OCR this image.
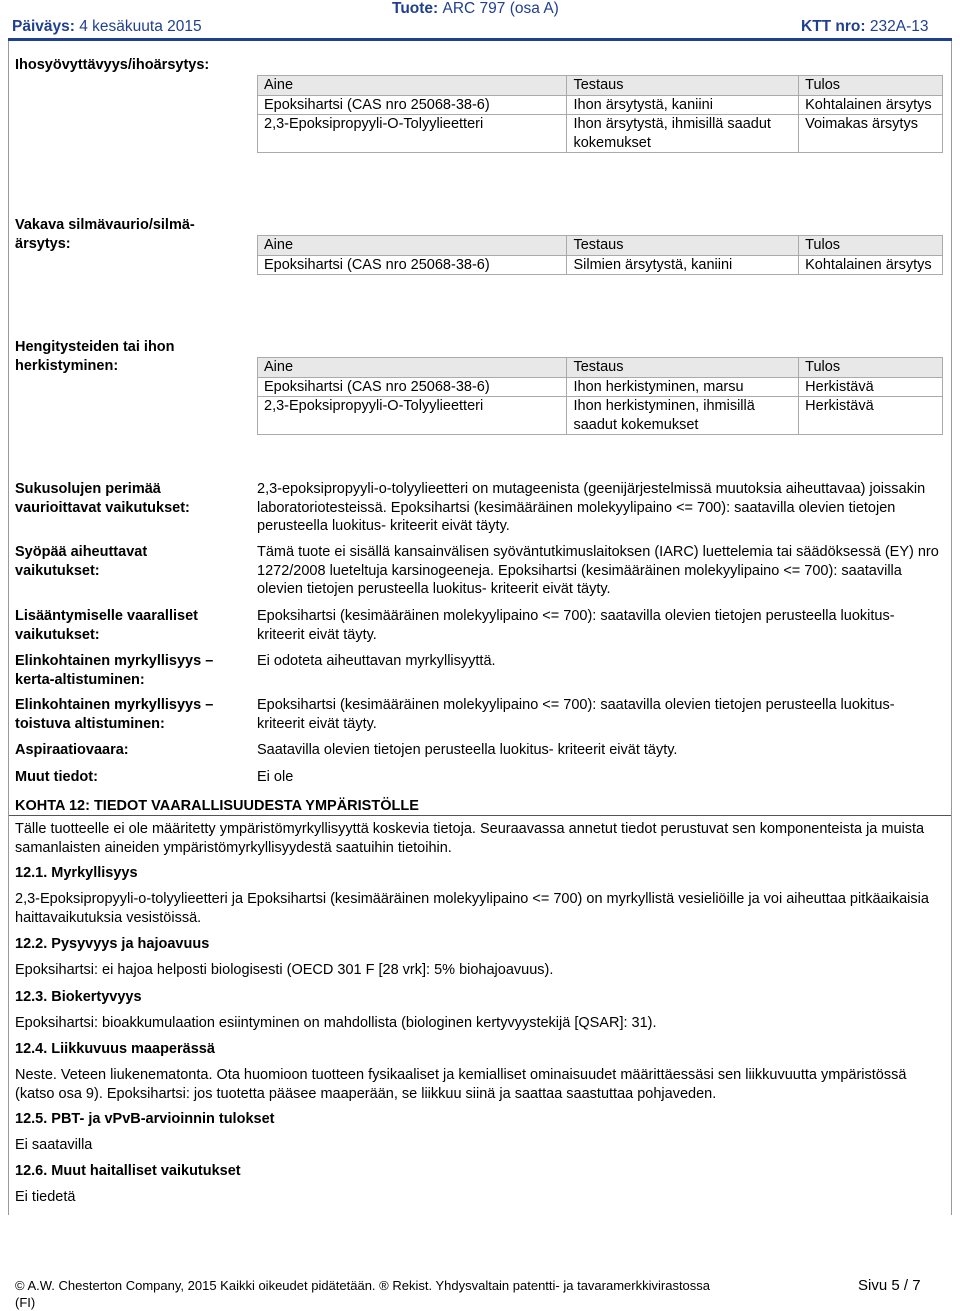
Päiväys: 4 kesäkuuta 2015
Tuote: ARC 797 (osa A)
KTT nro: 232A-13
Ihosyövyttävyys/ihoärsytys:
Aine	Testaus	Tulos
Epoksihartsi (CAS nro 25068-38-6)	Ihon ärsytystä, kaniini	Kohtalainen ärsytys
2,3-Epoksipropyyli-O-Tolyylieetteri	Ihon ärsytystä, ihmisillä saadut kokemukset	Voimakas ärsytys
Vakava silmävaurio/silmä-
ärsytys:	Aine	Testaus	Tulos
Epoksihartsi (CAS nro 25068-38-6)	Silmien ärsytystä, kaniini	Kohtalainen ärsytys
Hengitysteiden tai ihon
herkistyminen:	Aine	Testaus	Tulos
Epoksihartsi (CAS nro 25068-38-6)	Ihon herkistyminen, marsu	Herkistävä
2,3-Epoksipropyyli-O-Tolyylieetteri	Ihon herkistyminen, ihmisillä saadut kokemukset	Herkistävä
Sukusolujen perimää
vaurioittavat vaikutukset:
2,3-epoksipropyyli-o-tolyylieetteri on mutageenista (geenijärjestelmissä muutoksia aiheuttavaa) joissakin laboratoriotesteissä. Epoksihartsi (kesimääräinen molekyylipaino <= 700): saatavilla olevien tietojen perusteella luokitus- kriteerit eivät täyty.
Syöpää aiheuttavat
vaikutukset:
Tämä tuote ei sisällä kansainvälisen syöväntutkimuslaitoksen (IARC) luettelemia tai säädöksessä (EY) nro 1272/2008 lueteltuja karsinogeeneja. Epoksihartsi (kesimääräinen molekyylipaino <= 700): saatavilla olevien tietojen perusteella luokitus- kriteerit eivät täyty.
Lisääntymiselle vaaralliset
vaikutukset:
Epoksihartsi (kesimääräinen molekyylipaino <= 700): saatavilla olevien tietojen perusteella luokitus- kriteerit eivät täyty.
Elinkohtainen myrkyllisyys –
kerta-altistuminen:
Ei odoteta aiheuttavan myrkyllisyyttä.
Elinkohtainen myrkyllisyys –
toistuva altistuminen:
Epoksihartsi (kesimääräinen molekyylipaino <= 700): saatavilla olevien tietojen perusteella luokitus- kriteerit eivät täyty.
Aspiraatiovaara:	Saatavilla olevien tietojen perusteella luokitus- kriteerit eivät täyty.
Muut tiedot:	Ei ole
KOHTA 12: TIEDOT VAARALLISUUDESTA YMPÄRISTÖLLE
Tälle tuotteelle ei ole määritetty ympäristömyrkyllisyyttä koskevia tietoja. Seuraavassa annetut tiedot perustuvat sen komponenteista ja muista samanlaisten aineiden ympäristömyrkyllisyydestä saatuihin tietoihin.
12.1. Myrkyllisyys
2,3-Epoksipropyyli-o-tolyylieetteri ja Epoksihartsi (kesimääräinen molekyylipaino <= 700) on myrkyllistä vesieliöille ja voi aiheuttaa pitkäaikaisia haittavaikutuksia vesistöissä.
12.2. Pysyvyys ja hajoavuus
Epoksihartsi: ei hajoa helposti biologisesti (OECD 301 F [28 vrk]: 5% biohajoavuus).
12.3. Biokertyvyys
Epoksihartsi: bioakkumulaation esiintyminen on mahdollista (biologinen kertyvyystekijä [QSAR]: 31).
12.4. Liikkuvuus maaperässä
Neste. Veteen liukenematonta. Ota huomioon tuotteen fysikaaliset ja kemialliset ominaisuudet määrittäessäsi sen liikkuvuutta ympäristössä (katso osa 9). Epoksihartsi: jos tuotetta pääsee maaperään, se liikkuu siinä ja saattaa saastuttaa pohjaveden.
12.5. PBT- ja vPvB-arvioinnin tulokset
Ei saatavilla
12.6. Muut haitalliset vaikutukset
Ei tiedetä
© A.W. Chesterton Company, 2015 Kaikki oikeudet pidätetään. ® Rekist. Yhdysvaltain patentti- ja tavaramerkkivirastossa
(FI)
Sivu 5 / 7
